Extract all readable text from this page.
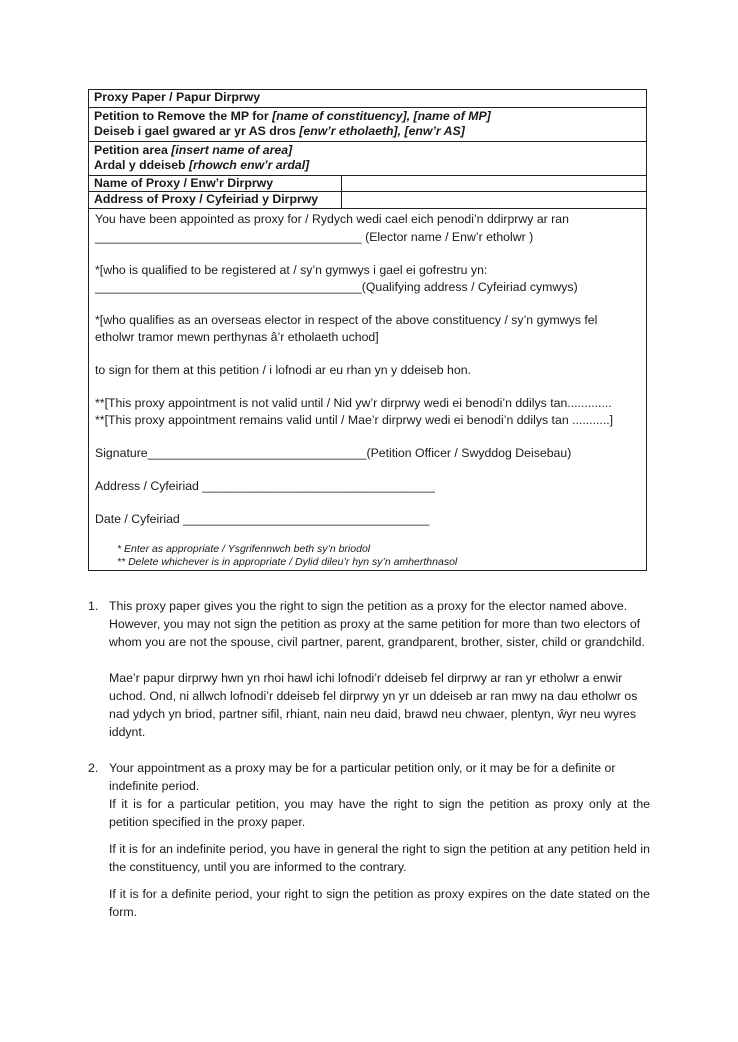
Proxy Paper / Papur Dirprwy
Petition to Remove the MP for [name of constituency], [name of MP]
Deiseb i gael gwared ar yr AS dros [enw’r etholaeth], [enw’r AS]
Petition area [insert name of area]
Ardal y ddeiseb [rhowch enw’r ardal]
Name of Proxy / Enw’r Dirprwy
Address of Proxy / Cyfeiriad y Dirprwy

You have been appointed as proxy for / Rydych wedi cael eich penodi’n ddirprwy ar ran

_______________________________________ (Elector name / Enw’r etholwr )

*[who is qualified to be registered at / sy’n gymwys i gael ei gofrestru yn:

_______________________________________(Qualifying address / Cyfeiriad cymwys)

*[who qualifies as an overseas elector in respect of the above constituency / sy’n gymwys fel

etholwr tramor mewn perthynas â’r etholaeth uchod]

to sign for them at this petition / i lofnodi ar eu rhan yn y ddeiseb hon.

**[This proxy appointment is not valid until / Nid yw’r dirprwy wedi ei benodi’n ddilys tan.............

**[This proxy appointment remains valid until / Mae’r dirprwy wedi ei benodi’n ddilys tan ...........]

Signature________________________________(Petition Officer / Swyddog Deisebau)

Address / Cyfeiriad __________________________________

Date / Cyfeiriad ____________________________________

* Enter as appropriate / Ysgrifennwch beth sy’n briodol
** Delete whichever is in appropriate / Dylid dileu’r hyn sy’n amherthnasol
1. This proxy paper gives you the right to sign the petition as a proxy for the elector named above. However, you may not sign the petition as proxy at the same petition for more than two electors of whom you are not the spouse, civil partner, parent, grandparent, brother, sister, child or grandchild.

Mae’r papur dirprwy hwn yn rhoi hawl ichi lofnodi’r ddeiseb fel dirprwy ar ran yr etholwr a enwir uchod. Ond, ni allwch lofnodi’r ddeiseb fel dirprwy yn yr un ddeiseb ar ran mwy na dau etholwr os nad ydych yn briod, partner sifil, rhiant, nain neu daid, brawd neu chwaer, plentyn, ŵyr neu wyres iddynt.

2. Your appointment as a proxy may be for a particular petition only, or it may be for a definite or indefinite period.

If it is for a particular petition, you may have the right to sign the petition as proxy only at the petition specified in the proxy paper.

If it is for an indefinite period, you have in general the right to sign the petition at any petition held in the constituency, until you are informed to the contrary.

If it is for a definite period, your right to sign the petition as proxy expires on the date stated on the form.
